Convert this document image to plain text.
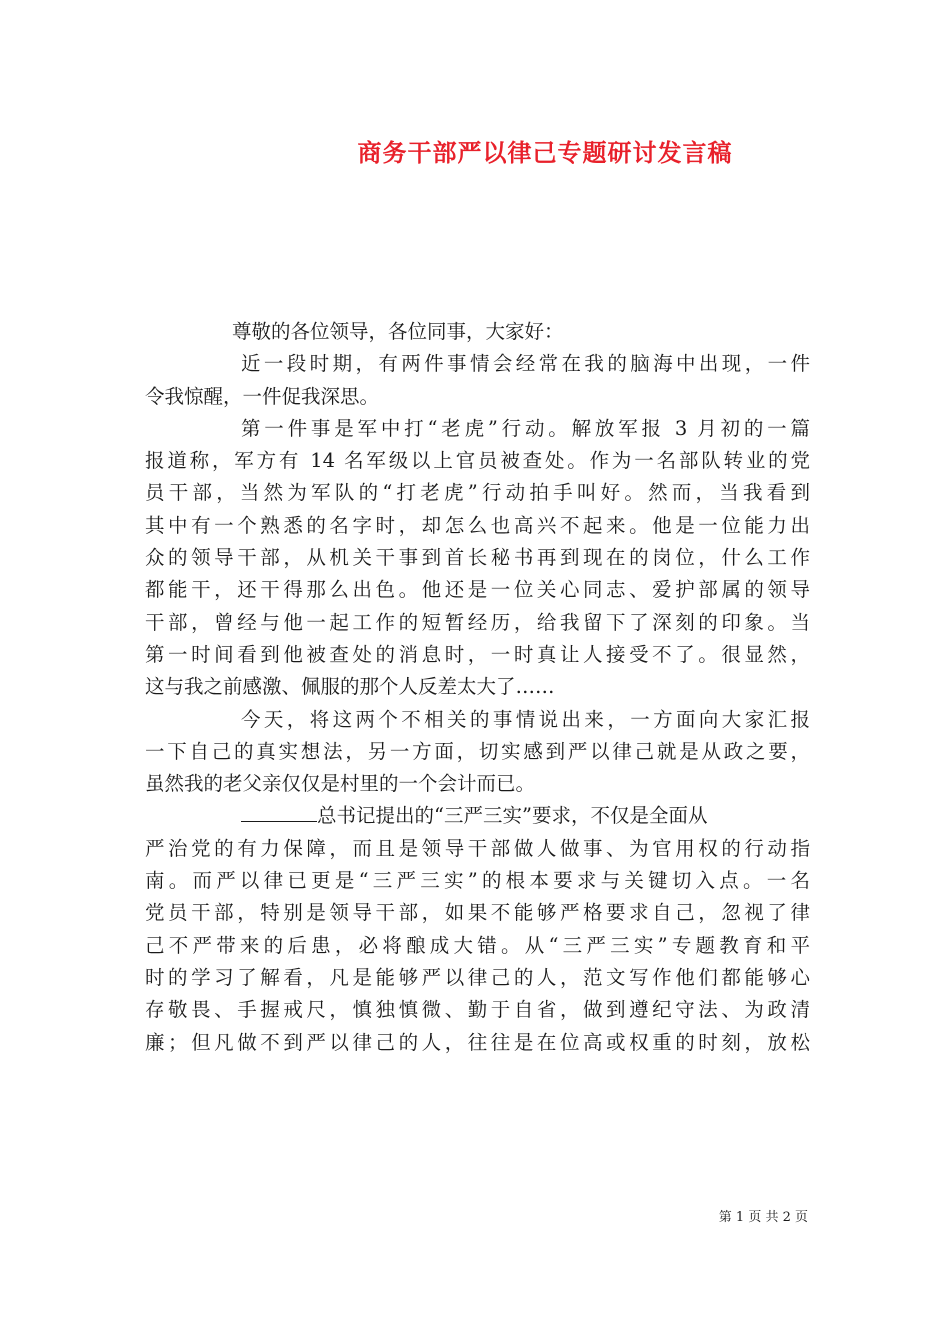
商务干部严以律己专题研讨发言稿
尊敬的各位领导，各位同事，大家好：
近一段时期，有两件事情会经常在我的脑海中出现，一件
令我惊醒，一件促我深思。
第一件事是军中打“老虎”行动。解放军报 3 月初的一篇
报道称，军方有 14 名军级以上官员被查处。作为一名部队转业的党
员干部，当然为军队的“打老虎”行动拍手叫好。然而，当我看到
其中有一个熟悉的名字时，却怎么也高兴不起来。他是一位能力出
众的领导干部，从机关干事到首长秘书再到现在的岗位，什么工作
都能干，还干得那么出色。他还是一位关心同志、爱护部属的领导
干部，曾经与他一起工作的短暂经历，给我留下了深刻的印象。当
第一时间看到他被查处的消息时，一时真让人接受不了。很显然，
这与我之前感激、佩服的那个人反差太大了……
今天，将这两个不相关的事情说出来，一方面向大家汇报
一下自己的真实想法，另一方面，切实感到严以律己就是从政之要，
虽然我的老父亲仅仅是村里的一个会计而已。
总书记提出的“三严三实”要求，不仅是全面从
严治党的有力保障，而且是领导干部做人做事、为官用权的行动指
南。而严以律已更是“三严三实”的根本要求与关键切入点。一名
党员干部，特别是领导干部，如果不能够严格要求自己，忽视了律
己不严带来的后患，必将酿成大错。从“三严三实”专题教育和平
时的学习了解看，凡是能够严以律己的人，范文写作他们都能够心
存敬畏、手握戒尺，慎独慎微、勤于自省，做到遵纪守法、为政清
廉；但凡做不到严以律己的人，往往是在位高或权重的时刻，放松
第 1 页 共 2 页
